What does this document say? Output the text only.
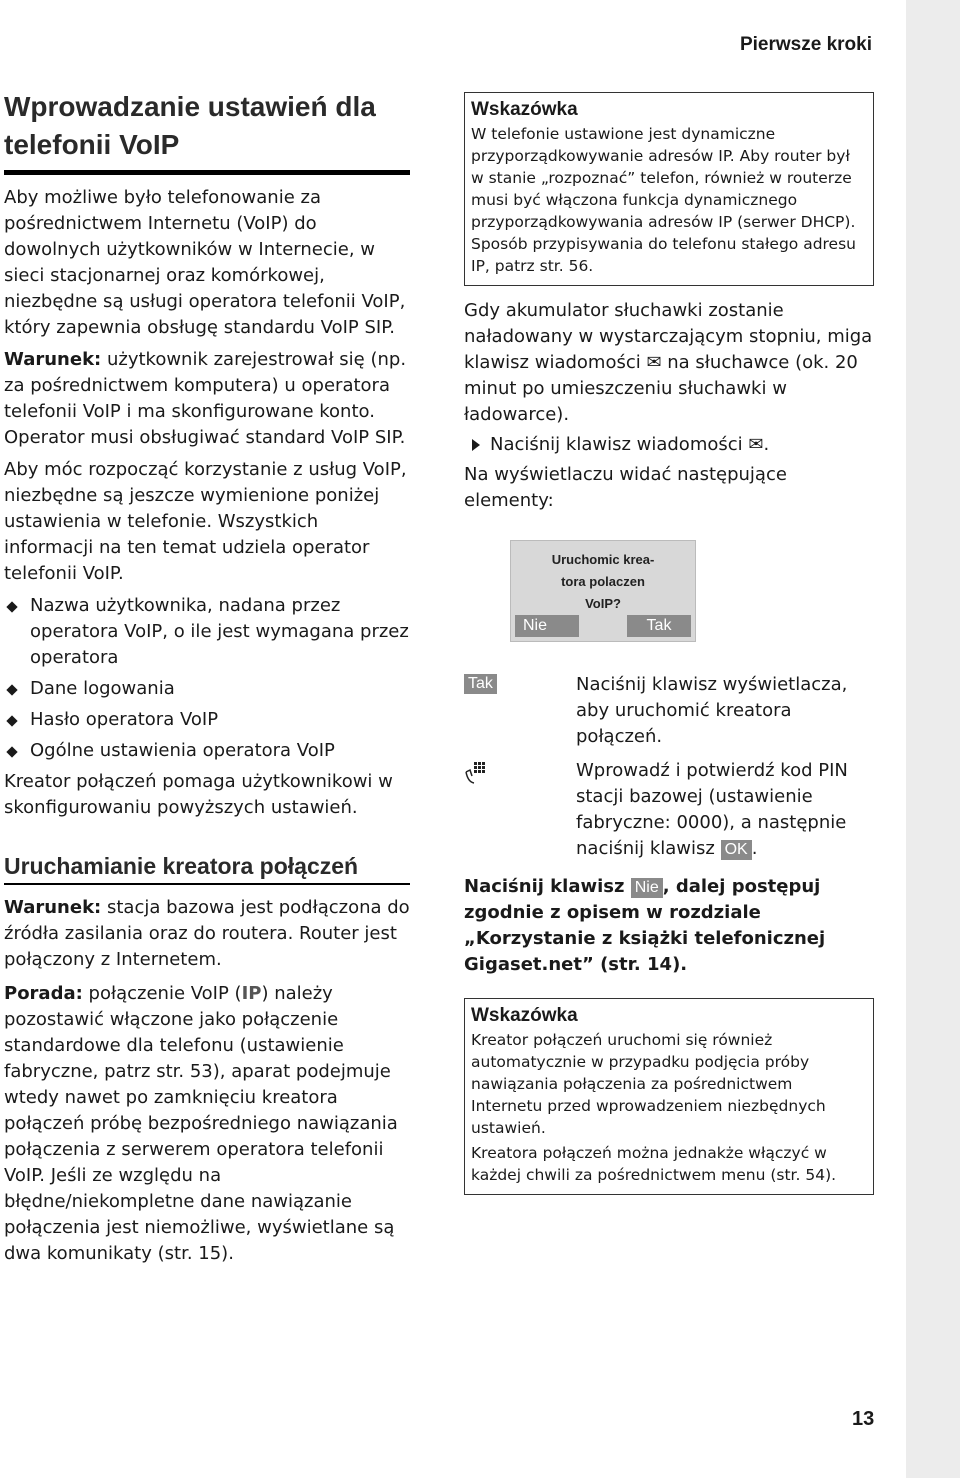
Pierwsze kroki
Wprowadzanie ustawień dla
telefonii VoIP

Aby możliwe było telefonowanie za pośrednictwem Internetu (VoIP) do dowolnych użytkowników w Internecie, w sieci stacjonarnej oraz komórkowej, niezbędne są usługi operatora telefonii VoIP, który zapewnia obsługę standardu VoIP SIP.

Warunek: użytkownik zarejestrował się (np. za pośrednictwem komputera) u operatora telefonii VoIP i ma skonfigurowane konto. Operator musi obsługiwać standard VoIP SIP.

Aby móc rozpocząć korzystanie z usług VoIP, niezbędne są jeszcze wymienione poniżej ustawienia w telefonie. Wszystkich informacji na ten temat udziela operator telefonii VoIP.

Nazwa użytkownika, nadana przez operatora VoIP, o ile jest wymagana przez operatora
Dane logowania
Hasło operatora VoIP
Ogólne ustawienia operatora VoIP

Kreator połączeń pomaga użytkownikowi w skonfigurowaniu powyższych ustawień.

Uruchamianie kreatora połączeń

Warunek: stacja bazowa jest podłączona do źródła zasilania oraz do routera. Router jest połączony z Internetem.

Porada: połączenie VoIP (IP) należy pozostawić włączone jako połączenie standardowe dla telefonu (ustawienie fabryczne, patrz str. 53), aparat podejmuje wtedy nawet po zamknięciu kreatora połączeń próbę bezpośredniego nawiązania połączenia z serwerem operatora telefonii VoIP. Jeśli ze względu na błędne/niekompletne dane nawiązanie połączenia jest niemożliwe, wyświetlane są dwa komunikaty (str. 15).

Wskazówka

W telefonie ustawione jest dynamiczne przyporządkowywanie adresów IP. Aby router był w stanie „rozpoznać” telefon, również w routerze musi być włączona funkcja dynamicznego przyporządkowywania adresów IP (serwer DHCP). Sposób przypisywania do telefonu stałego adresu IP, patrz str. 56.

Gdy akumulator słuchawki zostanie naładowany w wystarczającym stopniu, miga klawisz wiadomości ✉ na słuchawce (ok. 20 minut po umieszczeniu słuchawki w ładowarce).

Naciśnij klawisz wiadomości ✉.

Na wyświetlaczu widać następujące elementy:

Uruchomic krea-
tora polaczen
VoIP?
Nie	Tak
Tak	Naciśnij klawisz wyświetlacza, aby uruchomić kreatora połączeń.
Wprowadź i potwierdź kod PIN stacji bazowej (ustawienie fabryczne: 0000), a następnie naciśnij klawisz OK .

Naciśnij klawisz Nie , dalej postępuj zgodnie z opisem w rozdziale „Korzystanie z książki telefonicznej Gigaset.net” (str. 14).

Wskazówka

Kreator połączeń uruchomi się również automatycznie w przypadku podjęcia próby nawiązania połączenia za pośrednictwem Internetu przed wprowadzeniem niezbędnych ustawień.

Kreatora połączeń można jednakże włączyć w każdej chwili za pośrednictwem menu (str. 54).

13
